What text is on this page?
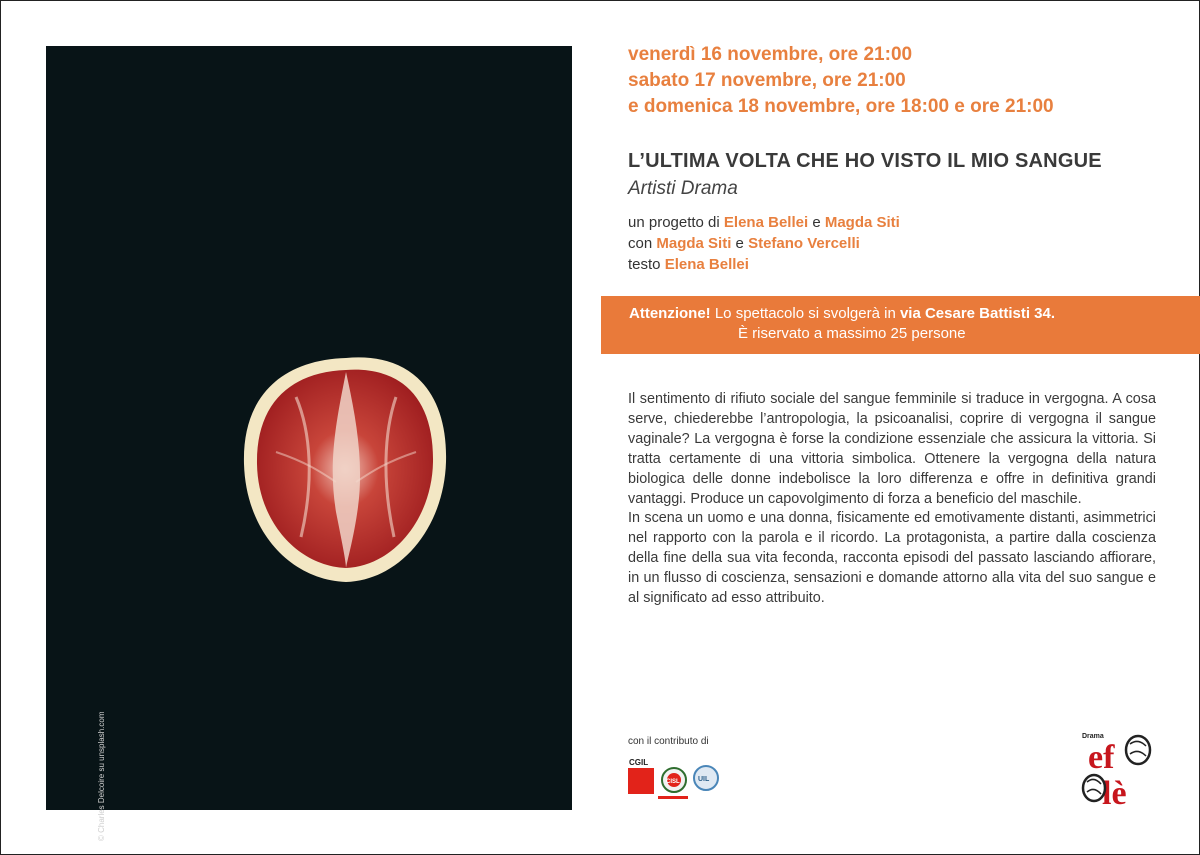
© Charles Delcoire su unsplash.com
venerdì 16 novembre, ore 21:00
sabato 17 novembre, ore 21:00
e domenica 18 novembre, ore 18:00 e ore 21:00
L’ULTIMA VOLTA CHE HO VISTO IL MIO SANGUE
Artisti Drama
un progetto di Elena Bellei e Magda Siti
con Magda Siti e Stefano Vercelli
testo Elena Bellei
Attenzione! Lo spettacolo si svolgerà in via Cesare Battisti 34.
È riservato a massimo 25 persone

Il sentimento di rifiuto sociale del sangue femminile si traduce in vergogna. A cosa serve, chiederebbe l’antropologia, la psicoanalisi, coprire di vergogna il sangue vaginale? La vergogna è forse la condizione essenziale che assicura la vittoria. Si tratta certamente di una vittoria simbolica. Ottenere la vergogna della natura biologica delle donne indebolisce la loro differenza e offre in definitiva grandi vantaggi. Produce un capovolgimento di forza a beneficio del maschile.

In scena un uomo e una donna, fisicamente ed emotivamente distanti, asimmetrici nel rapporto con la parola e il ricordo. La protagonista, a partire dalla coscienza della fine della sua vita feconda, racconta episodi del passato lasciando affiorare, in un flusso di coscienza, sensazioni e domande attorno alla vita del suo sangue e al significato ad esso attribuito.

con il contributo di
CGIL
CISL	UIL
Drama
ef
lè
